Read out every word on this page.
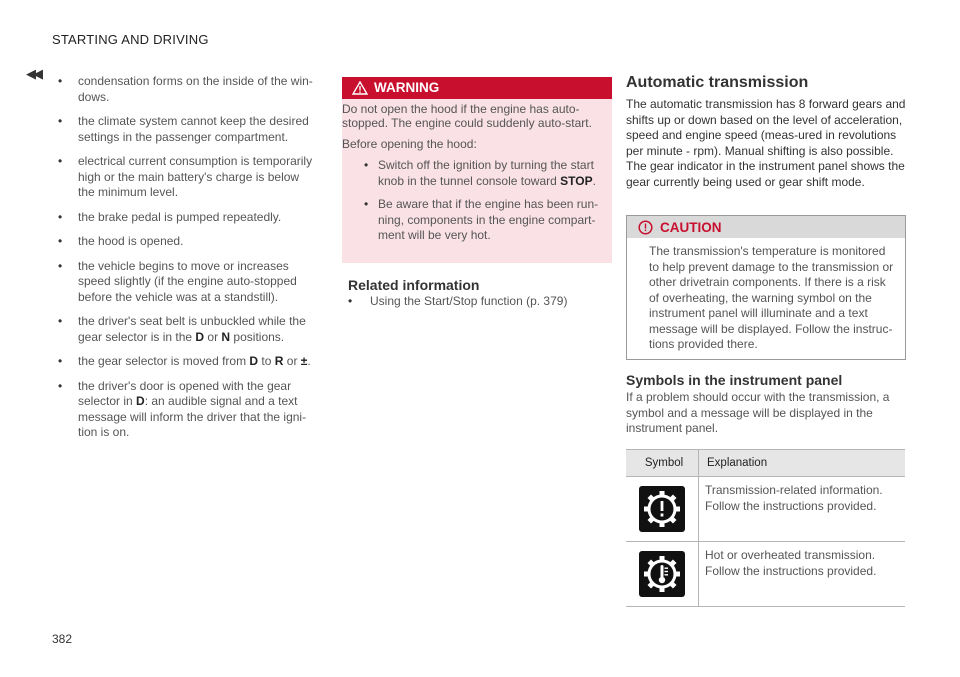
STARTING AND DRIVING
◀◀	• condensation forms on the inside of the win-
dows.
• the climate system cannot keep the desired
settings in the passenger compartment.
• electrical current consumption is temporarily
high or the main battery's charge is below
the minimum level.
• the brake pedal is pumped repeatedly.
• the hood is opened.
• the vehicle begins to move or increases
speed slightly (if the engine auto-stopped
before the vehicle was at a standstill).
• the driver's seat belt is unbuckled while the
gear selector is in the D or N positions.
• the gear selector is moved from D to R or ±.
• the driver's door is opened with the gear
selector in D: an audible signal and a text
message will inform the driver that the igni-
tion is on.
WARNING

Do not open the hood if the engine has auto-stopped. The engine could suddenly auto-start.

Before opening the hood:

• Switch off the ignition by turning the start knob in the tunnel console toward STOP.
• Be aware that if the engine has been run-ning, components in the engine compart-ment will be very hot.
Related information
• Using the Start/Stop function (p. 379)
Automatic transmission

The automatic transmission has 8 forward gears and shifts up or down based on the level of acceleration, speed and engine speed (meas-ured in revolutions per minute - rpm). Manual shifting is also possible. The gear indicator in the instrument panel shows the gear currently being used or gear shift mode.

CAUTION

The transmission's temperature is monitored to help prevent damage to the transmission or other drivetrain components. If there is a risk of overheating, the warning symbol on the instrument panel will illuminate and a text message will be displayed. Follow the instruc-tions provided there.

Symbols in the instrument panel

If a problem should occur with the transmission, a symbol and a message will be displayed in the instrument panel.

Symbol	Explanation
	Transmission-related information. Follow the instructions provided.
	Hot or overheated transmission. Follow the instructions provided.
382
